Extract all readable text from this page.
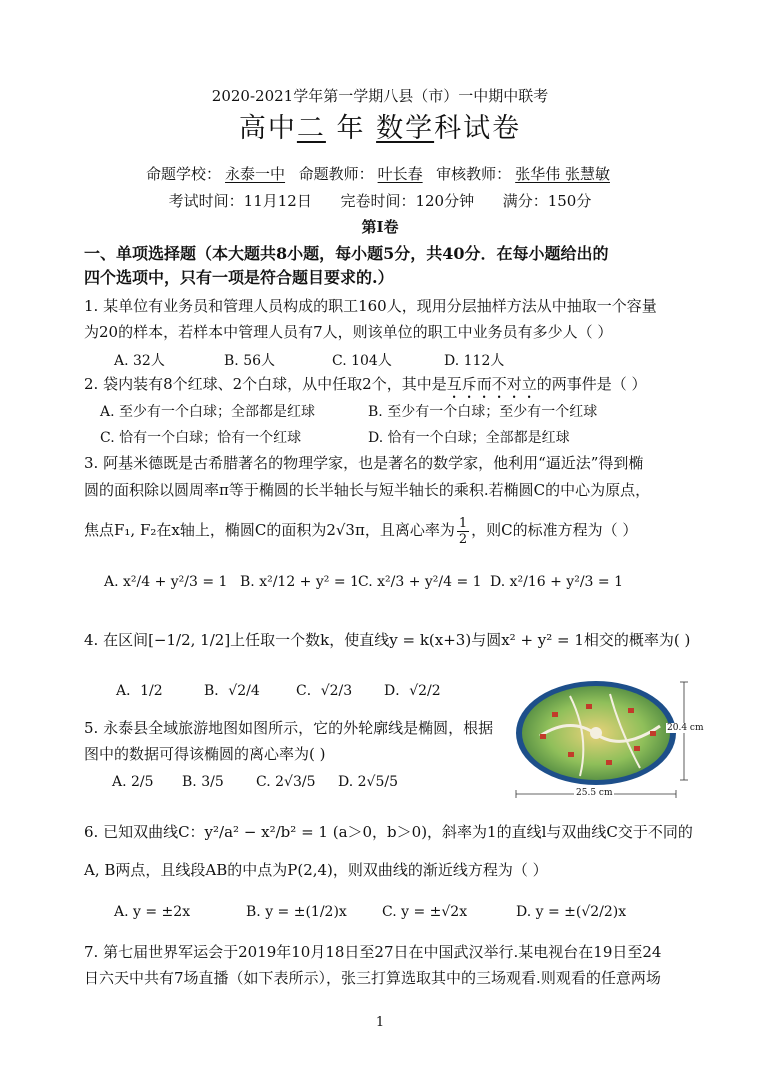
2020-2021学年第一学期八县（市）一中期中联考
高中二 年 数学科试卷
命题学校： 永泰一中 命题教师： 叶长春 审核教师： 张华伟 张慧敏
考试时间：11月12日 完卷时间：120分钟 满分：150分
第Ⅰ卷
一、单项选择题（本大题共8小题，每小题5分，共40分．在每小题给出的
四个选项中，只有一项是符合题目要求的.）
1. 某单位有业务员和管理人员构成的职工160人，现用分层抽样方法从中抽取一个容量
为20的样本，若样本中管理人员有7人，则该单位的职工中业务员有多少人（ ）
A. 32人	B. 56人	C. 104人	D. 112人
2. 袋内装有8个红球、2个白球，从中任取2个，其中是互斥而不对立的两事件是（ ）
A. 至少有一个白球；全部都是红球	B. 至少有一个白球；至少有一个红球
C. 恰有一个白球；恰有一个红球	D. 恰有一个白球；全部都是红球
3. 阿基米德既是古希腊著名的物理学家，也是著名的数学家，他利用“逼近法”得到椭
圆的面积除以圆周率π等于椭圆的长半轴长与短半轴长的乘积.若椭圆C的中心为原点，
焦点F₁, F₂在x轴上，椭圆C的面积为2√3π，且离心率为 $\frac{1}{2}$ ，则C的标准方程为（ ）
A. x²/4 + y²/3 = 1 B. x²/12 + y² = 1 C. x²/3 + y²/4 = 1 D. x²/16 + y²/3 = 1
4. 在区间[−1/2, 1/2]上任取一个数k，使直线y = k(x+3)与圆x² + y² = 1相交的概率为( )
A．1/2	B．√2/4	C．√2/3 D．√2/2
5. 永泰县全域旅游地图如图所示，它的外轮廓线是椭圆，根据
图中的数据可得该椭圆的离心率为( )
A. 2/5 B. 3/5 C. 2√3/5 D. 2√5/5
20.4 cm
25.5 cm
6. 已知双曲线C：y²/a² − x²/b² = 1 (a＞0，b＞0)，斜率为1的直线l与双曲线C交于不同的
A, B两点，且线段AB的中点为P(2,4)，则双曲线的渐近线方程为（ ）
A. y = ±2x	B. y = ±(1/2)x	C. y = ±√2x	D. y = ±(√2/2)x
7. 第七届世界军运会于2019年10月18日至27日在中国武汉举行.某电视台在19日至24
日六天中共有7场直播（如下表所示），张三打算选取其中的三场观看.则观看的任意两场
1
